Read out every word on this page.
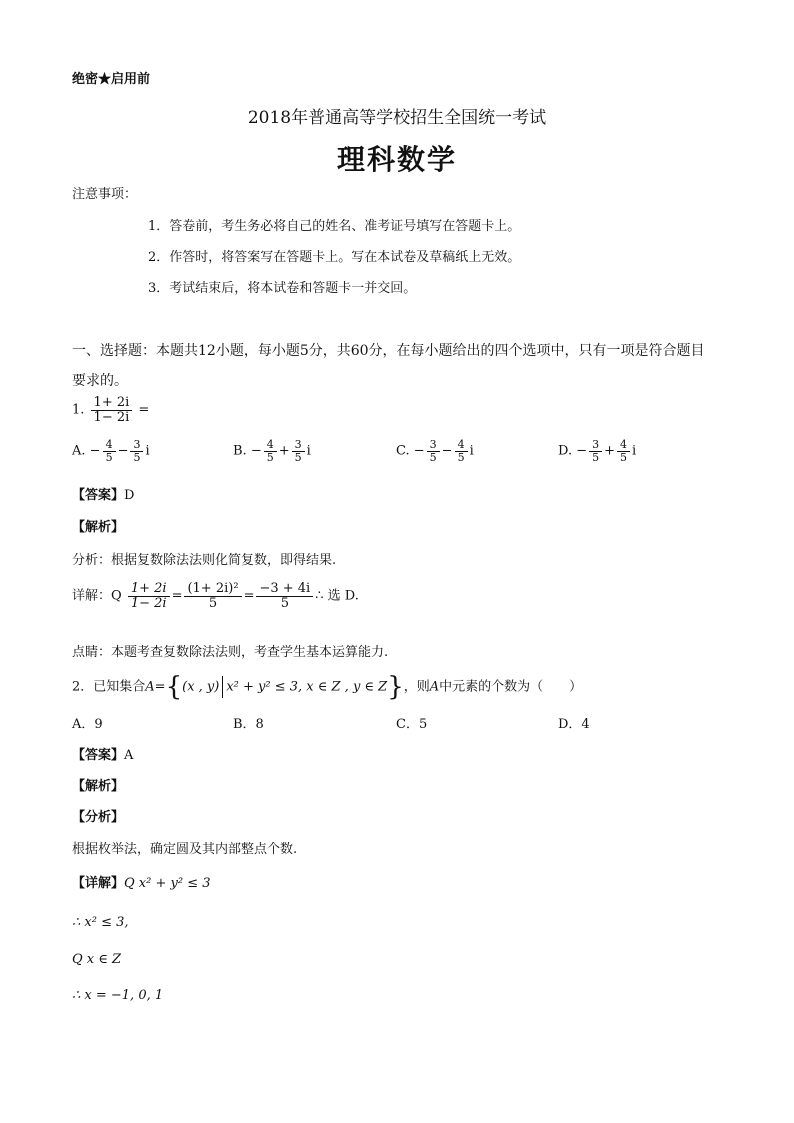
绝密★启用前
2018年普通高等学校招生全国统一考试
理科数学
注意事项：
1．答卷前，考生务必将自己的姓名、准考证号填写在答题卡上。
2．作答时，将答案写在答题卡上。写在本试卷及草稿纸上无效。
3．考试结束后，将本试卷和答题卡一并交回。
一、选择题：本题共12小题，每小题5分，共60分，在每小题给出的四个选项中，只有一项是符合题目
要求的。
1. $\frac{1+ 2i}{1- 2i}$ =
A. − $\frac{4}{5} - \frac{3}{5}$ i	B. − $\frac{4}{5} + \frac{3}{5}$ i	C. − $\frac{3}{5} - \frac{4}{5}$ i	D. − $\frac{3}{5} + \frac{4}{5}$ i
【答案】D
【解析】
分析：根据复数除法法则化简复数，即得结果.
详解：Q $\frac{1+ 2i}{1- 2i} = \frac{\text{(1+ 2i)²}}{5} = \frac{-3 + 4i}{5}$ ∴ 选 D.
点睛：本题考查复数除法法则，考查学生基本运算能力.
2．已知集合A={(x , y) x² + y² ≤ 3, x ∈ Z , y ∈ Z}，则A中元素的个数为（　　）
A．9	B．8	C．5	D．4
【答案】A
【解析】
【分析】
根据枚举法，确定圆及其内部整点个数.
【详解】Q x² + y² ≤ 3
∴ x² ≤ 3,
Q x ∈ Z
∴ x = −1, 0, 1
